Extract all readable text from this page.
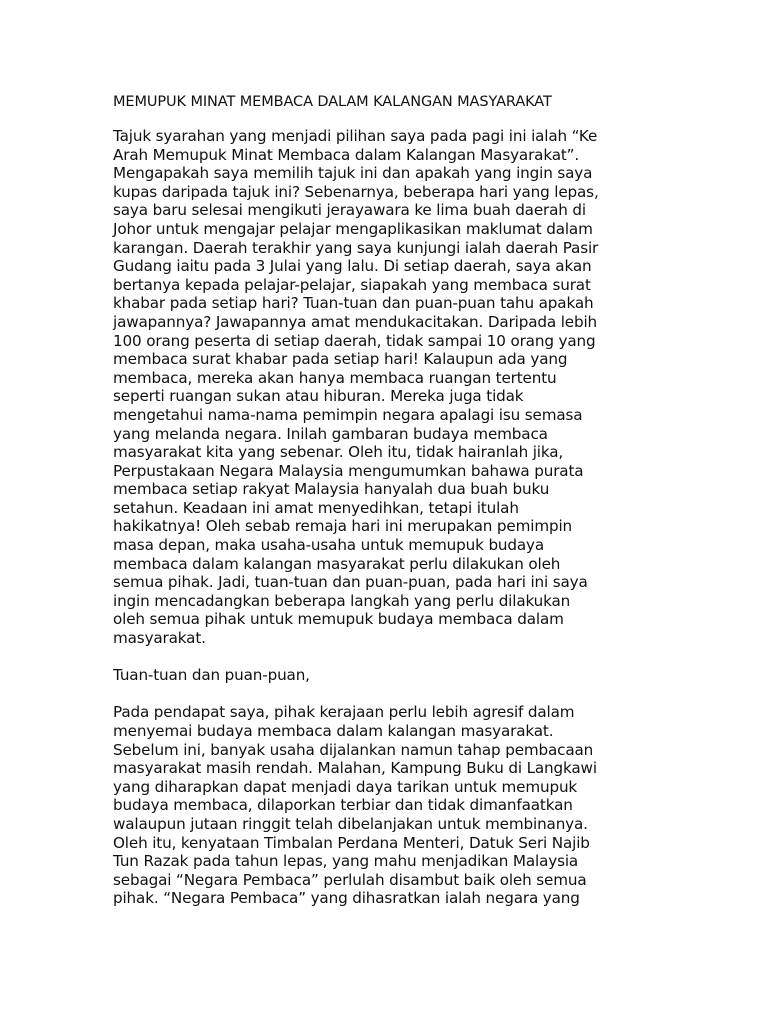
MEMUPUK MINAT MEMBACA DALAM KALANGAN MASYARAKAT
Tajuk syarahan yang menjadi pilihan saya pada pagi ini ialah “Ke
Arah Memupuk Minat Membaca dalam Kalangan Masyarakat”.
Mengapakah saya memilih tajuk ini dan apakah yang ingin saya
kupas daripada tajuk ini? Sebenarnya, beberapa hari yang lepas,
saya baru selesai mengikuti jerayawara ke lima buah daerah di
Johor untuk mengajar pelajar mengaplikasikan maklumat dalam
karangan. Daerah terakhir yang saya kunjungi ialah daerah Pasir
Gudang iaitu pada 3 Julai yang lalu. Di setiap daerah, saya akan
bertanya kepada pelajar-pelajar, siapakah yang membaca surat
khabar pada setiap hari? Tuan-tuan dan puan-puan tahu apakah
jawapannya? Jawapannya amat mendukacitakan. Daripada lebih
100 orang peserta di setiap daerah, tidak sampai 10 orang yang
membaca surat khabar pada setiap hari! Kalaupun ada yang
membaca, mereka akan hanya membaca ruangan tertentu
seperti ruangan sukan atau hiburan. Mereka juga tidak
mengetahui nama-nama pemimpin negara apalagi isu semasa
yang melanda negara. Inilah gambaran budaya membaca
masyarakat kita yang sebenar. Oleh itu, tidak hairanlah jika,
Perpustakaan Negara Malaysia mengumumkan bahawa purata
membaca setiap rakyat Malaysia hanyalah dua buah buku
setahun. Keadaan ini amat menyedihkan, tetapi itulah
hakikatnya! Oleh sebab remaja hari ini merupakan pemimpin
masa depan, maka usaha-usaha untuk memupuk budaya
membaca dalam kalangan masyarakat perlu dilakukan oleh
semua pihak. Jadi, tuan-tuan dan puan-puan, pada hari ini saya
ingin mencadangkan beberapa langkah yang perlu dilakukan
oleh semua pihak untuk memupuk budaya membaca dalam
masyarakat.
Tuan-tuan dan puan-puan,
Pada pendapat saya, pihak kerajaan perlu lebih agresif dalam
menyemai budaya membaca dalam kalangan masyarakat.
Sebelum ini, banyak usaha dijalankan namun tahap pembacaan
masyarakat masih rendah. Malahan, Kampung Buku di Langkawi
yang diharapkan dapat menjadi daya tarikan untuk memupuk
budaya membaca, dilaporkan terbiar dan tidak dimanfaatkan
walaupun jutaan ringgit telah dibelanjakan untuk membinanya.
Oleh itu, kenyataan Timbalan Perdana Menteri, Datuk Seri Najib
Tun Razak pada tahun lepas, yang mahu menjadikan Malaysia
sebagai “Negara Pembaca” perlulah disambut baik oleh semua
pihak. “Negara Pembaca” yang dihasratkan ialah negara yang
